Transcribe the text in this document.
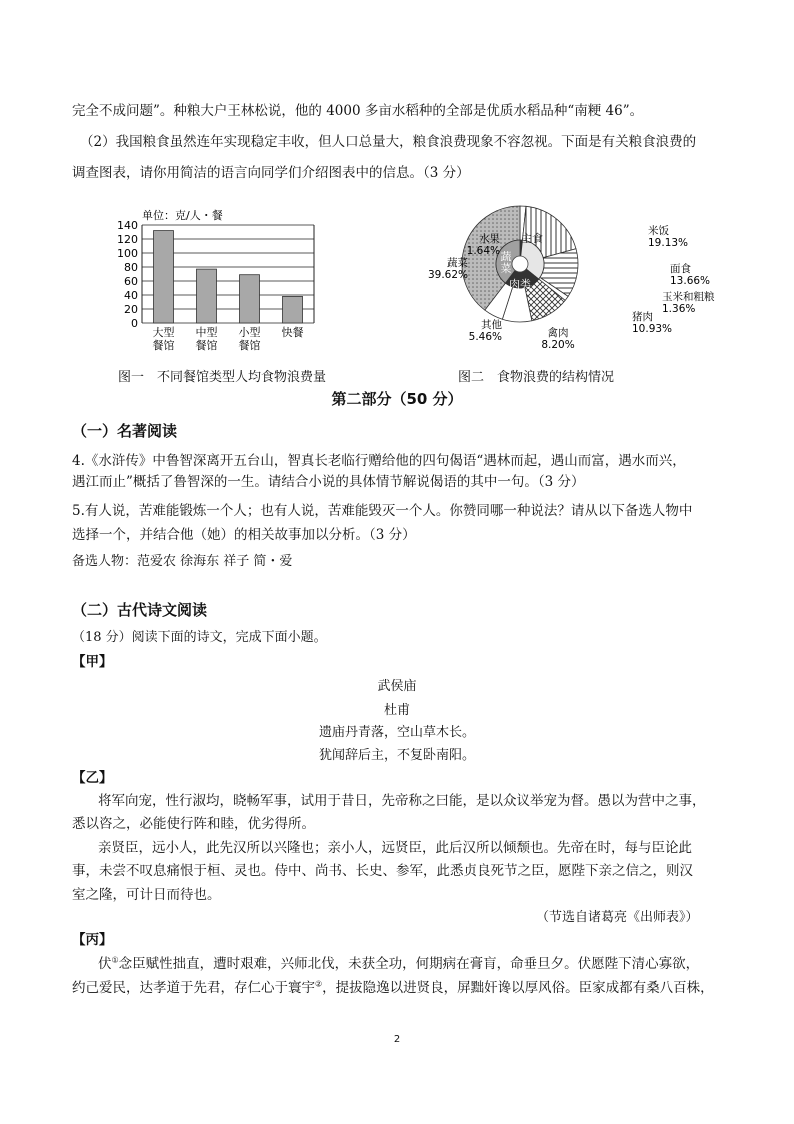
完全不成问题”。种粮大户王林松说，他的 4000 多亩水稻种的全部是优质水稻品种“南粳 46”。
（2）我国粮食虽然连年实现稳定丰收，但人口总量大，粮食浪费现象不容忽视。下面是有关粮食浪费的
调查图表，请你用简洁的语言向同学们介绍图表中的信息。（3 分）
单位：克/人・餐
0
20
40
60
80
100
120
140
大型
餐馆
中型
餐馆
小型
餐馆
快餐
图一　不同餐馆类型人均食物浪费量
主食
蔬
菜
肉类
水果
1.64%
米饭
19.13%
面食
13.66%
玉米和粗粮
1.36%
猪肉
10.93%
禽肉
8.20%
其他
5.46%
蔬菜
39.62%
图二　食物浪费的结构情况
第二部分（50 分）
（一）名著阅读
4.《水浒传》中鲁智深离开五台山，智真长老临行赠给他的四句偈语“遇林而起，遇山而富，遇水而兴，
遇江而止”概括了鲁智深的一生。请结合小说的具体情节解说偈语的其中一句。（3 分）
5.有人说，苦难能锻炼一个人；也有人说，苦难能毁灭一个人。你赞同哪一种说法？请从以下备选人物中
选择一个，并结合他（她）的相关故事加以分析。（3 分）
备选人物：范爱农 徐海东 祥子 简・爱
（二）古代诗文阅读
（18 分）阅读下面的诗文，完成下面小题。
【甲】
武侯庙
杜甫
遗庙丹青落，空山草木长。
犹闻辞后主，不复卧南阳。
【乙】
将军向宠，性行淑均，晓畅军事，试用于昔日，先帝称之曰能，是以众议举宠为督。愚以为营中之事，
悉以咨之，必能使行阵和睦，优劣得所。
亲贤臣，远小人，此先汉所以兴隆也；亲小人，远贤臣，此后汉所以倾颓也。先帝在时，每与臣论此
事，未尝不叹息痛恨于桓、灵也。侍中、尚书、长史、参军，此悉贞良死节之臣，愿陛下亲之信之，则汉
室之隆，可计日而待也。
（节选自诸葛亮《出师表》）
【丙】
伏①念臣赋性拙直，遭时艰难，兴师北伐，未获全功，何期病在膏肓，命垂旦夕。伏愿陛下清心寡欲，
约己爱民，达孝道于先君，存仁心于寰宇②，提拔隐逸以进贤良，屏黜奸谗以厚风俗。臣家成都有桑八百株，
2
